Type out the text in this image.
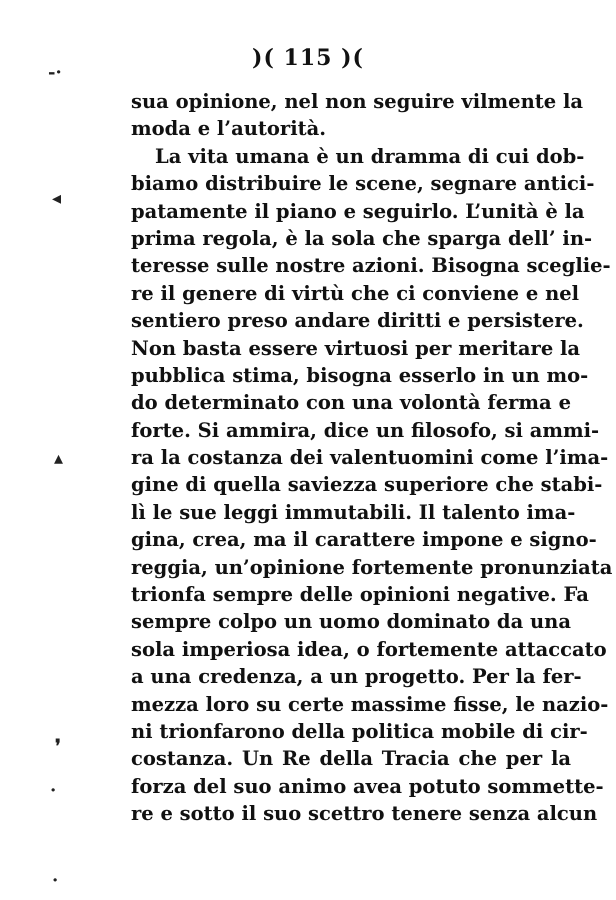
)( 115 )(
-·
◂
▴
❜
·
·
sua opinione, nel non seguire vilmente la
moda e l’autorità.
La vita umana è un dramma di cui dob-
biamo distribuire le scene, segnare antici-
patamente il piano e seguirlo. L’unità è la
prima regola, è la sola che sparga dell’ in-
teresse sulle nostre azioni. Bisogna sceglie-
re il genere di virtù che ci conviene e nel
sentiero preso andare diritti e persistere.
Non basta essere virtuosi per meritare la
pubblica stima, bisogna esserlo in un mo-
do determinato con una volontà ferma e
forte. Si ammira, dice un filosofo, si ammi-
ra la costanza dei valentuomini come l’ima-
gine di quella saviezza superiore che stabi-
lì le sue leggi immutabili. Il talento ima-
gina, crea, ma il carattere impone e signo-
reggia, un’opinione fortemente pronunziata
trionfa sempre delle opinioni negative. Fa
sempre colpo un uomo dominato da una
sola imperiosa idea, o fortemente attaccato
a una credenza, a un progetto. Per la fer-
mezza loro su certe massime fisse, le nazio-
ni trionfarono della politica mobile di cir-
costanza. Un Re della Tracia che per la
forza del suo animo avea potuto sommette-
re e sotto il suo scettro tenere senza alcun
